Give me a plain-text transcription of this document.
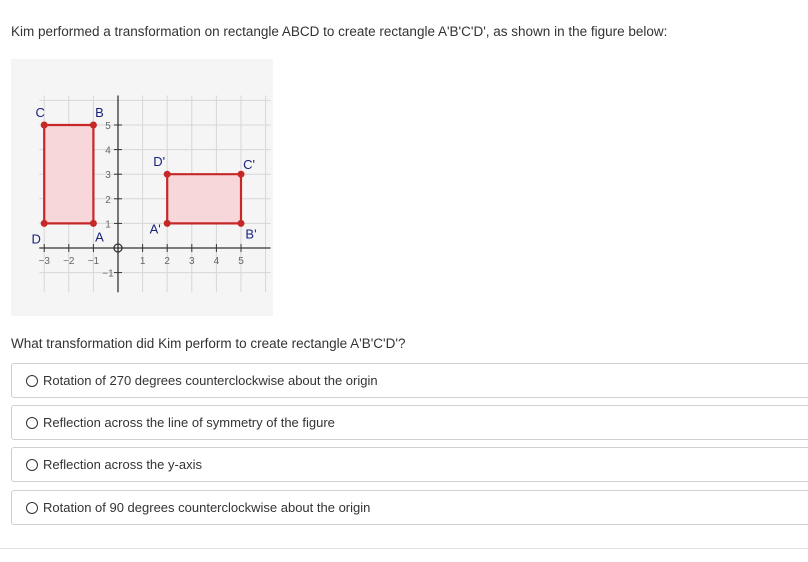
Kim performed a transformation on rectangle ABCD to create rectangle A'B'C'D', as shown in the figure below:
−3 −2 −1	1 2 3 4 5
−1
1
2
3
4
5
C	B
D	A
D'	C'
A'	B'
What transformation did Kim perform to create rectangle A'B'C'D'?
Rotation of 270 degrees counterclockwise about the origin
Reflection across the line of symmetry of the figure
Reflection across the y-axis
Rotation of 90 degrees counterclockwise about the origin
